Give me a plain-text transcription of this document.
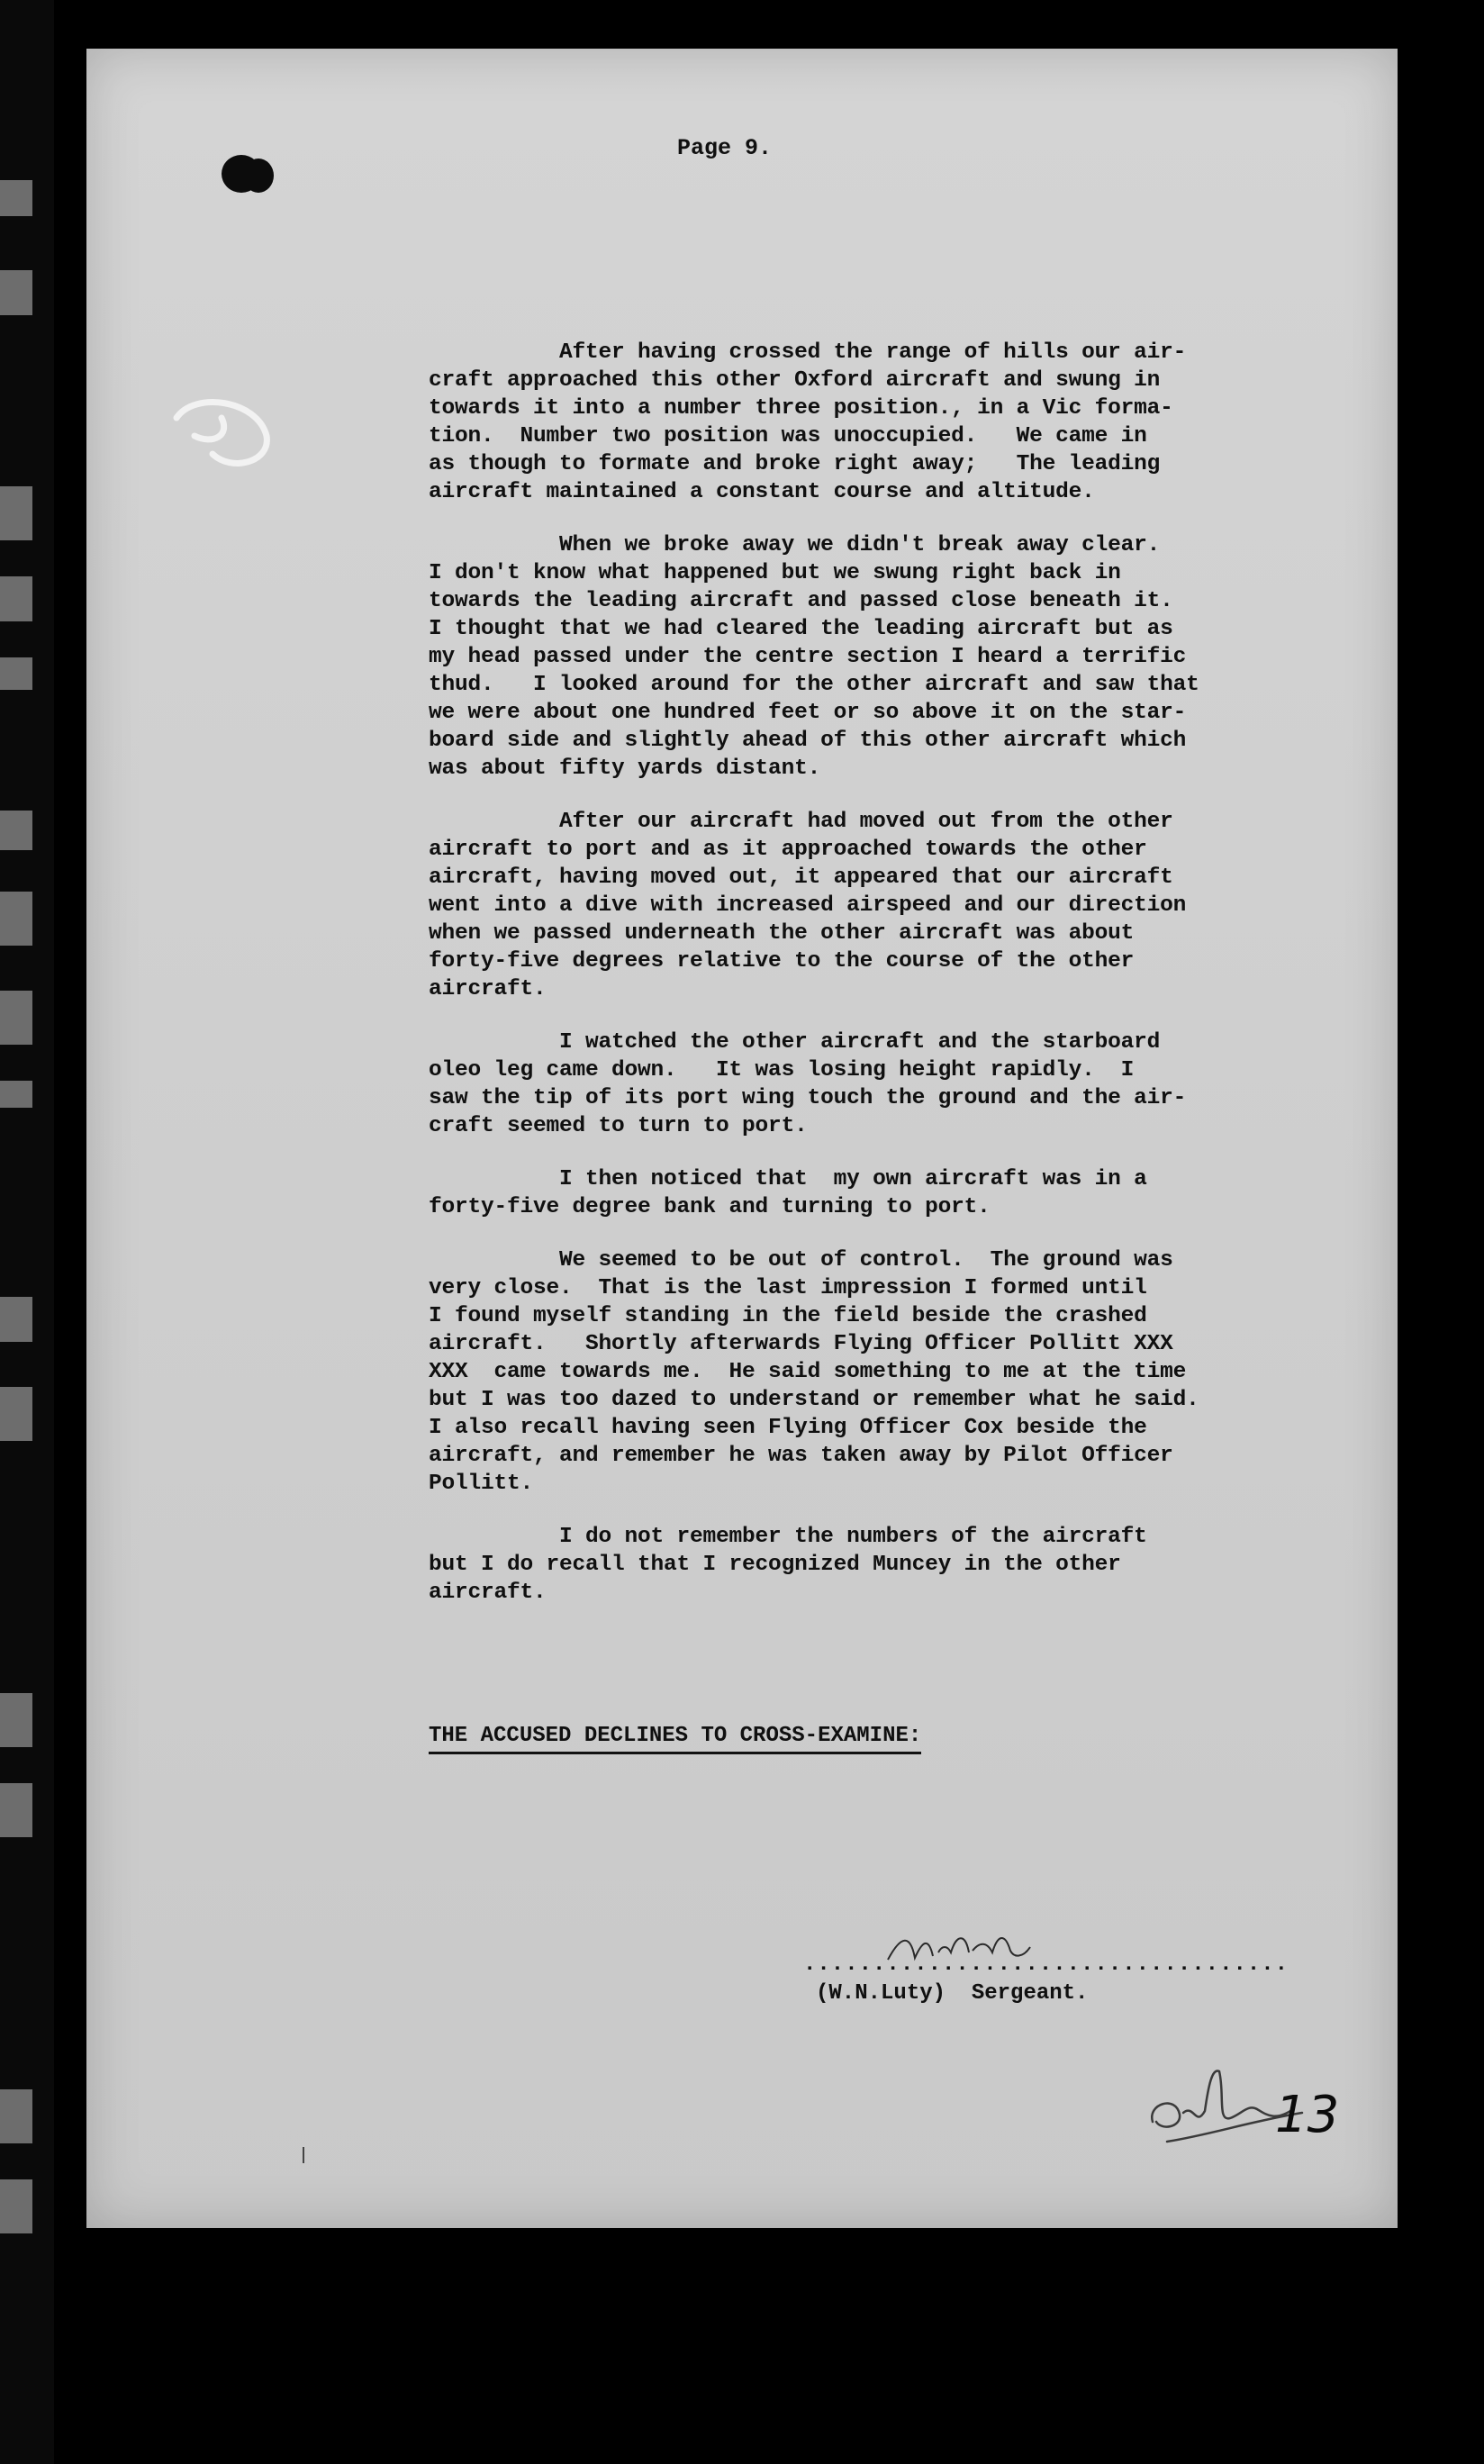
Page 9.
After having crossed the range of hills our air-
craft approached this other Oxford aircraft and swung in
towards it into a number three position., in a Vic forma-
tion.  Number two position was unoccupied.   We came in
as though to formate and broke right away;   The leading
aircraft maintained a constant course and altitude.
When we broke away we didn't break away clear.
I don't know what happened but we swung right back in
towards the leading aircraft and passed close beneath it.
I thought that we had cleared the leading aircraft but as
my head passed under the centre section I heard a terrific
thud.   I looked around for the other aircraft and saw that
we were about one hundred feet or so above it on the star-
board side and slightly ahead of this other aircraft which
was about fifty yards distant.
After our aircraft had moved out from the other
aircraft to port and as it approached towards the other
aircraft, having moved out, it appeared that our aircraft
went into a dive with increased airspeed and our direction
when we passed underneath the other aircraft was about
forty-five degrees relative to the course of the other
aircraft.
I watched the other aircraft and the starboard
oleo leg came down.   It was losing height rapidly.  I
saw the tip of its port wing touch the ground and the air-
craft seemed to turn to port.
I then noticed that  my own aircraft was in a
forty-five degree bank and turning to port.
We seemed to be out of control.  The ground was
very close.  That is the last impression I formed until
I found myself standing in the field beside the crashed
aircraft.   Shortly afterwards Flying Officer Pollitt XXX
XXX  came towards me.  He said something to me at the time
but I was too dazed to understand or remember what he said.
I also recall having seen Flying Officer Cox beside the
aircraft, and remember he was taken away by Pilot Officer
Pollitt.
I do not remember the numbers of the aircraft
but I do recall that I recognized Muncey in the other
aircraft.
THE ACCUSED DECLINES TO CROSS-EXAMINE:
...................................
(W.N.Luty)  Sergeant.

13
